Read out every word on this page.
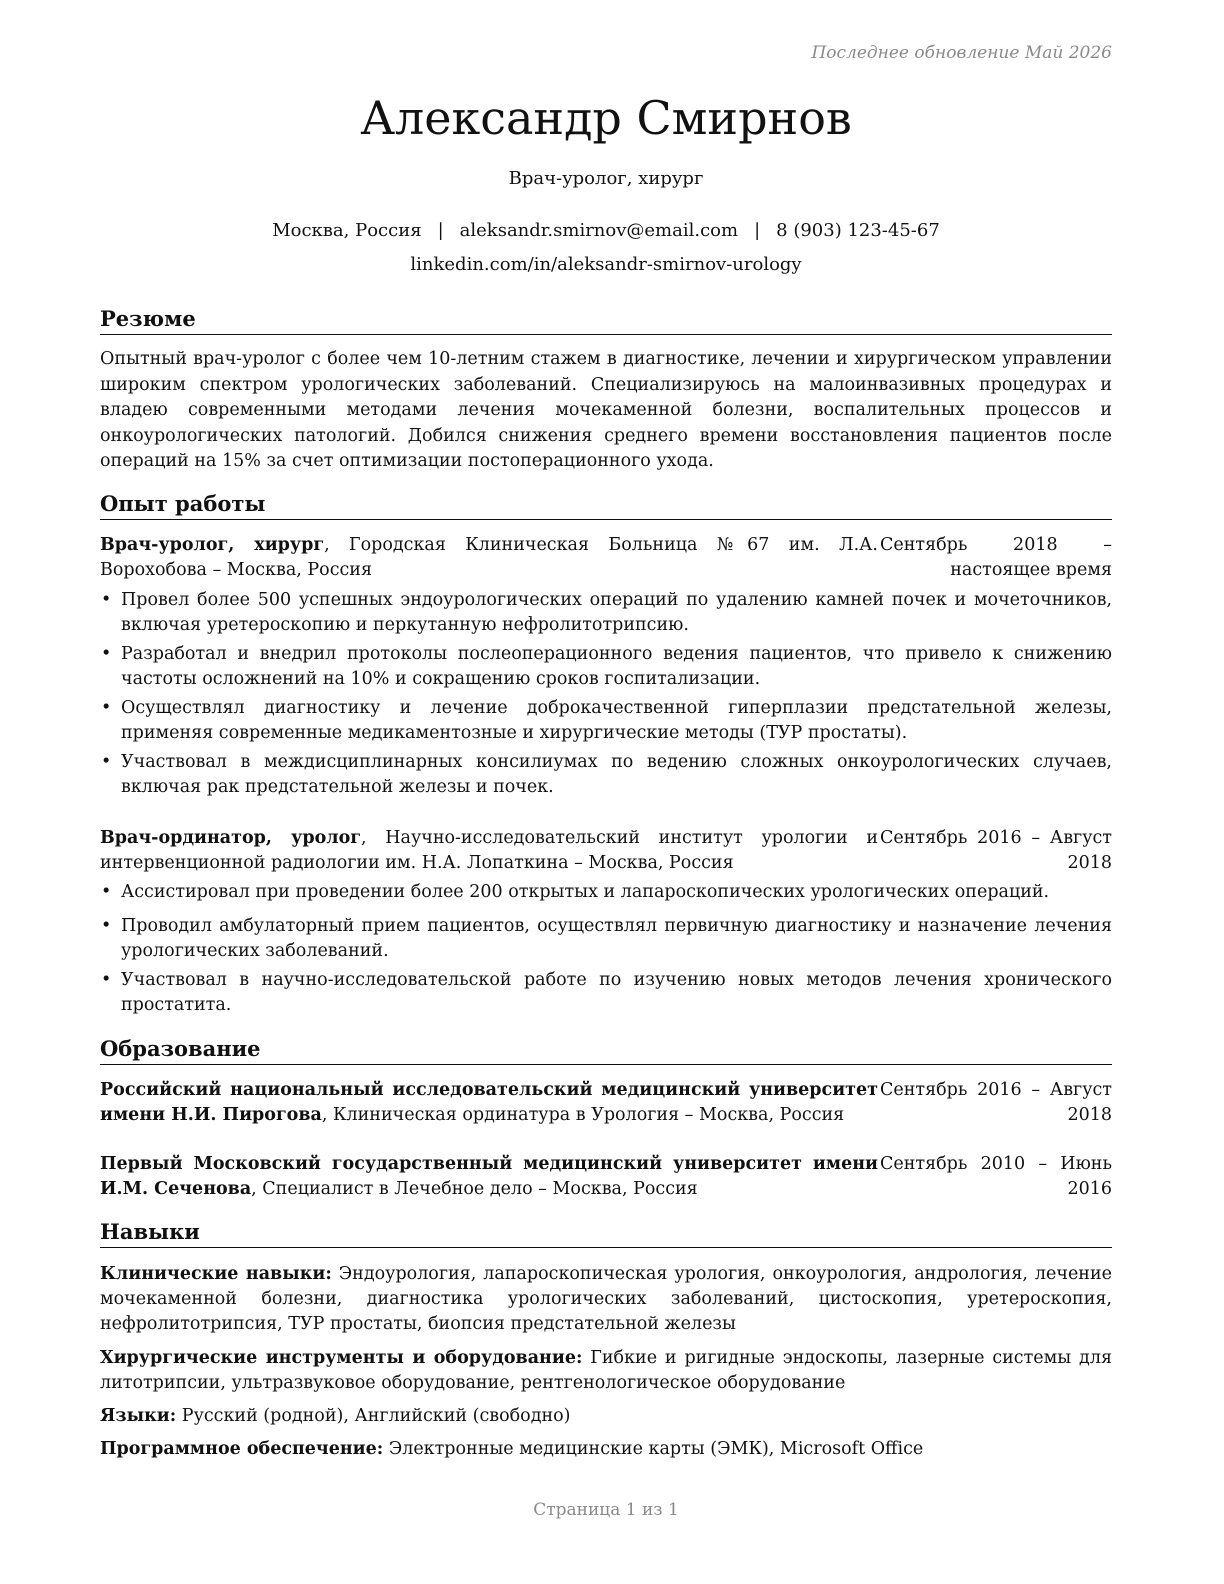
Последнее обновление Май 2026
Александр Смирнов
Врач-уролог, хирург
Москва, Россия | aleksandr.smirnov@email.com | 8 (903) 123-45-67
linkedin.com/in/aleksandr-smirnov-urology
Резюме
Опытный врач-уролог с более чем 10-летним стажем в диагностике, лечении и хирургическом управлении широким спектром урологических заболеваний. Специализируюсь на малоинвазивных процедурах и владею современными методами лечения мочекаменной болезни, воспалительных процессов и онкоурологических патологий. Добился снижения среднего времени восстановления пациентов после операций на 15% за счет оптимизации постоперационного ухода.
Опыт работы
Врач-уролог, хирург, Городская Клиническая Больница №67 им. Л.А. Ворохобова – Москва, Россия
Сентябрь 2018 – настоящее время
• Провел более 500 успешных эндоурологических операций по удалению камней почек и мочеточников, включая уретероскопию и перкутанную нефролитотрипсию.
• Разработал и внедрил протоколы послеоперационного ведения пациентов, что привело к снижению частоты осложнений на 10% и сокращению сроков госпитализации.
• Осуществлял диагностику и лечение доброкачественной гиперплазии предстательной железы, применяя современные медикаментозные и хирургические методы (ТУР простаты).
• Участвовал в междисциплинарных консилиумах по ведению сложных онкоурологических случаев, включая рак предстательной железы и почек.
Врач-ординатор, уролог, Научно-исследовательский институт урологии и интервенционной радиологии им. Н.А. Лопаткина – Москва, Россия
Сентябрь 2016 – Август 2018
• Ассистировал при проведении более 200 открытых и лапароскопических урологических операций.
• Проводил амбулаторный прием пациентов, осуществлял первичную диагностику и назначение лечения урологических заболеваний.
• Участвовал в научно-исследовательской работе по изучению новых методов лечения хронического простатита.
Образование
Российский национальный исследовательский медицинский университет имени Н.И. Пирогова, Клиническая ординатура в Урология – Москва, Россия
Сентябрь 2016 – Август 2018
Первый Московский государственный медицинский университет имени И.М. Сеченова, Специалист в Лечебное дело – Москва, Россия
Сентябрь 2010 – Июнь 2016
Навыки
Клинические навыки: Эндоурология, лапароскопическая урология, онкоурология, андрология, лечение мочекаменной болезни, диагностика урологических заболеваний, цистоскопия, уретероскопия, нефролитотрипсия, ТУР простаты, биопсия предстательной железы
Хирургические инструменты и оборудование: Гибкие и ригидные эндоскопы, лазерные системы для литотрипсии, ультразвуковое оборудование, рентгенологическое оборудование
Языки: Русский (родной), Английский (свободно)
Программное обеспечение: Электронные медицинские карты (ЭМК), Microsoft Office
Страница 1 из 1
